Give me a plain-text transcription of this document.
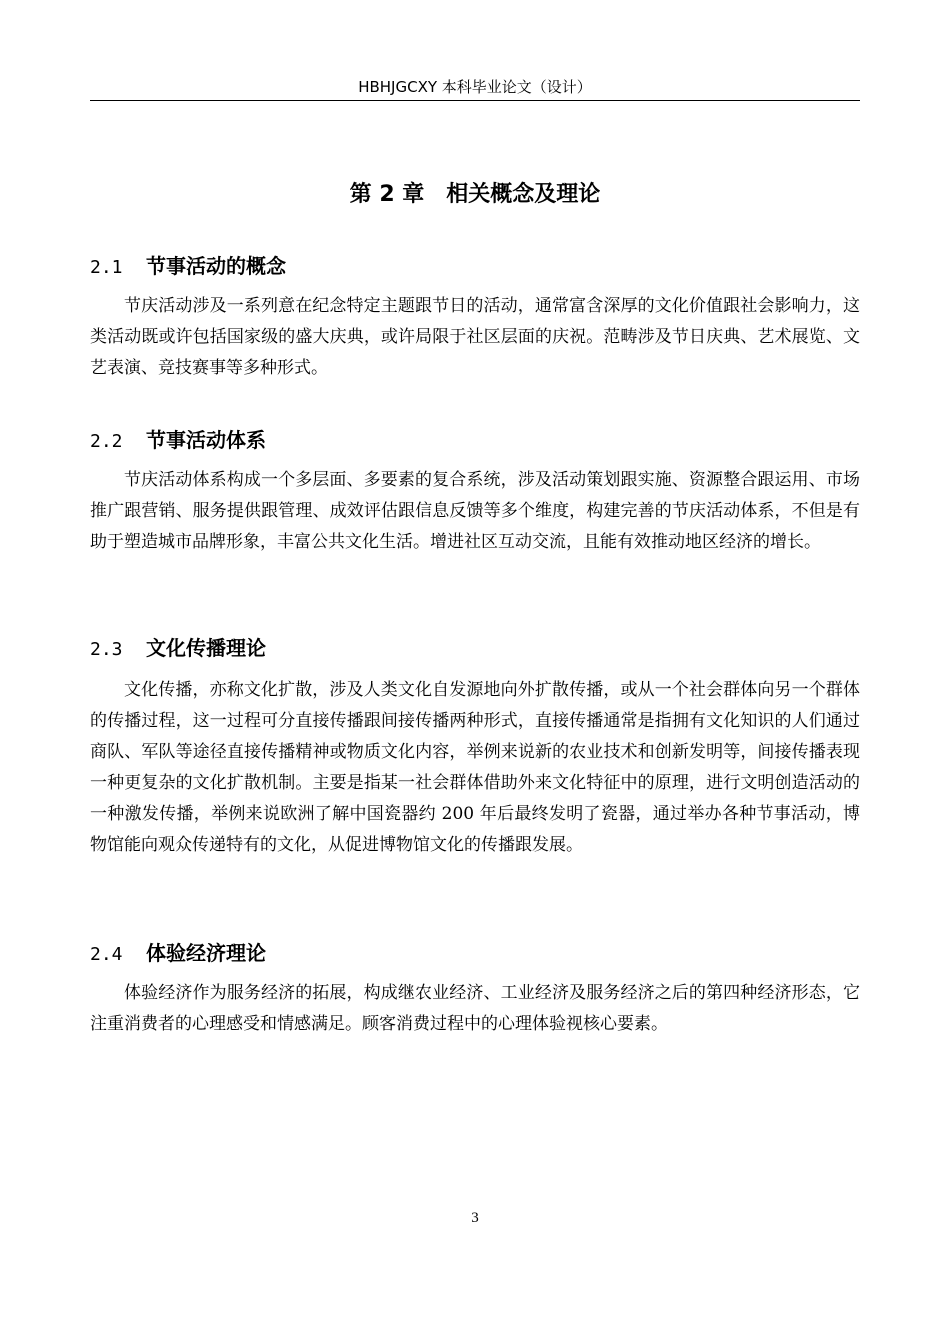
HBHJGCXY 本科毕业论文（设计）
第 2 章　相关概念及理论
2.1 节事活动的概念

节庆活动涉及一系列意在纪念特定主题跟节日的活动，通常富含深厚的文化价值跟社会影响力，这类活动既或许包括国家级的盛大庆典，或许局限于社区层面的庆祝。范畴涉及节日庆典、艺术展览、文艺表演、竞技赛事等多种形式。

2.2 节事活动体系

节庆活动体系构成一个多层面、多要素的复合系统，涉及活动策划跟实施、资源整合跟运用、市场推广跟营销、服务提供跟管理、成效评估跟信息反馈等多个维度，构建完善的节庆活动体系，不但是有助于塑造城市品牌形象，丰富公共文化生活。增进社区互动交流，且能有效推动地区经济的增长。

2.3 文化传播理论

文化传播，亦称文化扩散，涉及人类文化自发源地向外扩散传播，或从一个社会群体向另一个群体的传播过程，这一过程可分直接传播跟间接传播两种形式，直接传播通常是指拥有文化知识的人们通过商队、军队等途径直接传播精神或物质文化内容，举例来说新的农业技术和创新发明等，间接传播表现一种更复杂的文化扩散机制。主要是指某一社会群体借助外来文化特征中的原理，进行文明创造活动的一种激发传播，举例来说欧洲了解中国瓷器约 200 年后最终发明了瓷器，通过举办各种节事活动，博物馆能向观众传递特有的文化，从促进博物馆文化的传播跟发展。

2.4 体验经济理论

体验经济作为服务经济的拓展，构成继农业经济、工业经济及服务经济之后的第四种经济形态，它注重消费者的心理感受和情感满足。顾客消费过程中的心理体验视核心要素。

3
